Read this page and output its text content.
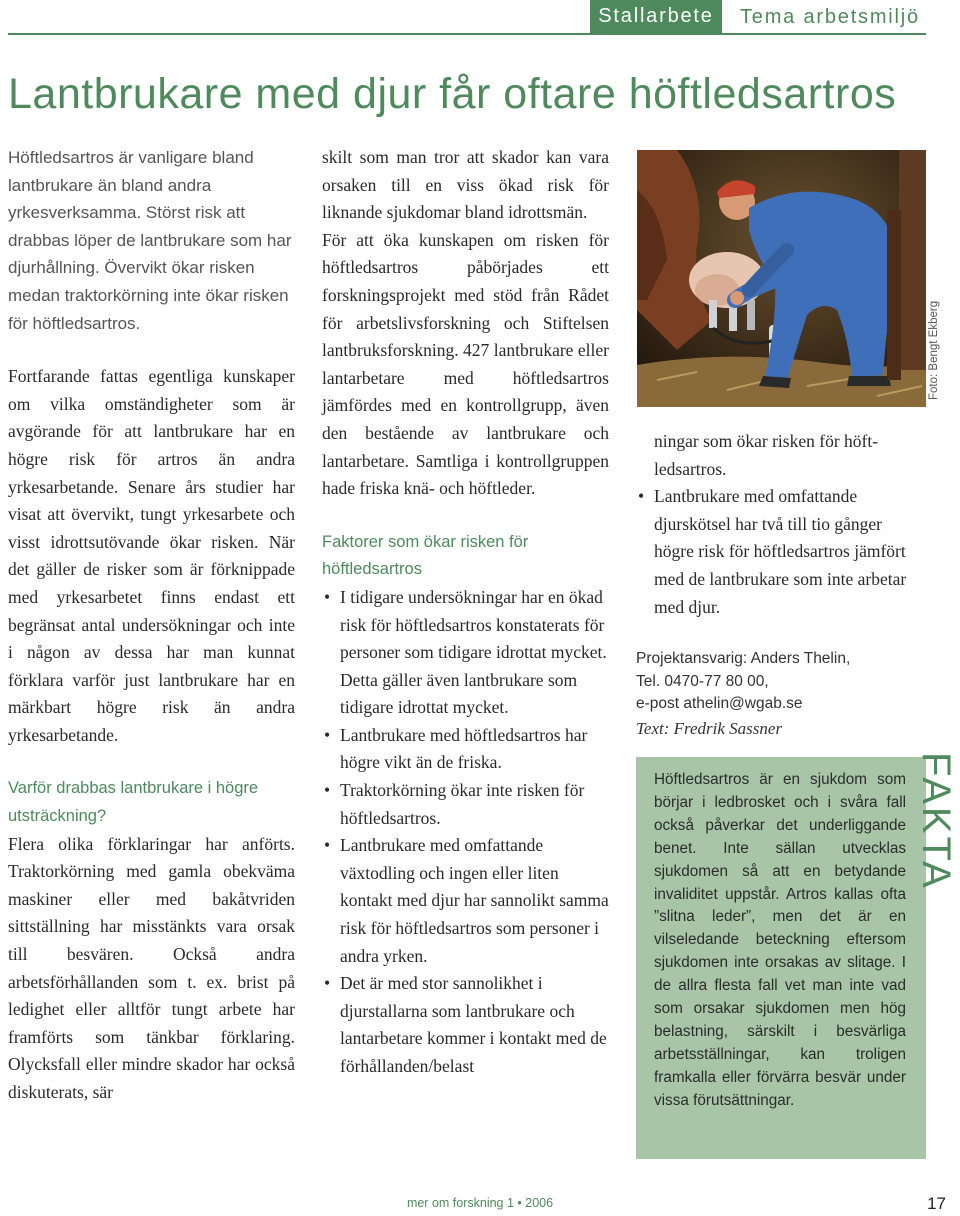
Stallarbete	Tema arbetsmiljö
Lantbrukare med djur får oftare höftledsartros

Höftledsartros är vanligare bland lantbrukare än bland andra yrkesverksamma. Störst risk att drabbas löper de lantbrukare som har djurhållning. Övervikt ökar risken medan traktorkörning inte ökar risken för höftledsartros.

Fortfarande fattas egentliga kunskaper om vilka omständigheter som är avgörande för att lantbrukare har en högre risk för artros än andra yrkesarbetande. Senare års studier har visat att övervikt, tungt yrkesarbete och visst idrottsutövande ökar risken. När det gäller de risker som är förknippade med yrkesarbetet finns endast ett begränsat antal undersökningar och inte i någon av dessa har man kunnat förklara varför just lantbrukare har en märkbart högre risk än andra yrkesarbetande.

Varför drabbas lantbrukare i högre utsträckning?

Flera olika förklaringar har anförts. Traktorkörning med gamla obekväma maskiner eller med bakåtvriden sittställning har misstänkts vara orsak till besvären. Också andra arbetsförhållanden som t. ex. brist på ledighet eller alltför tungt arbete har framförts som tänkbar förklaring. Olycksfall eller mindre skador har också diskuterats, sär

skilt som man tror att skador kan vara orsaken till en viss ökad risk för liknande sjukdomar bland idrottsmän.

För att öka kunskapen om risken för höftledsartros påbörjades ett forskningsprojekt med stöd från Rådet för arbetslivsforskning och Stiftelsen lantbruksforskning. 427 lantbrukare eller lantarbetare med höftledsartros jämfördes med en kontrollgrupp, även den bestående av lantbrukare och lantarbetare. Samtliga i kontrollgruppen hade friska knä- och höftleder.

Faktorer som ökar risken för höftledsartros

• I tidigare undersökningar har en ökad risk för höftledsartros konstaterats för personer som tidigare idrottat mycket. Detta gäller även lantbrukare som tidigare idrottat mycket.
• Lantbrukare med höftledsartros har högre vikt än de friska.
• Traktorkörning ökar inte risken för höftledsartros.
• Lantbrukare med omfattande växtodling och ingen eller liten kontakt med djur har sannolikt samma risk för höftledsartros som personer i andra yrken.
• Det är med stor sannolikhet i djurstallarna som lantbrukare och lantarbetare kommer i kontakt med de förhållanden/belast
Foto: Bengt Ekberg
ningar som ökar risken för höftledsartros.
• Lantbrukare med omfattande djurskötsel har två till tio gånger högre risk för höftledsartros jämfört med de lantbrukare som inte arbetar med djur.
Projektansvarig: Anders Thelin,
Tel. 0470-77 80 00,
e-post athelin@wgab.se
Text: Fredrik Sassner
Höftledsartros är en sjukdom som börjar i ledbrosket och i svåra fall också påverkar det underliggande benet. Inte sällan utvecklas sjukdomen så att en betydande invaliditet uppstår. Artros kallas ofta ”slitna leder”, men det är en vilseledande beteckning eftersom sjukdomen inte orsakas av slitage. I de allra flesta fall vet man inte vad som orsakar sjukdomen men hög belastning, särskilt i besvärliga arbetsställningar, kan troligen framkalla eller förvärra besvär under vissa förutsättningar.
FAKTA
mer om forskning 1 • 2006	17
